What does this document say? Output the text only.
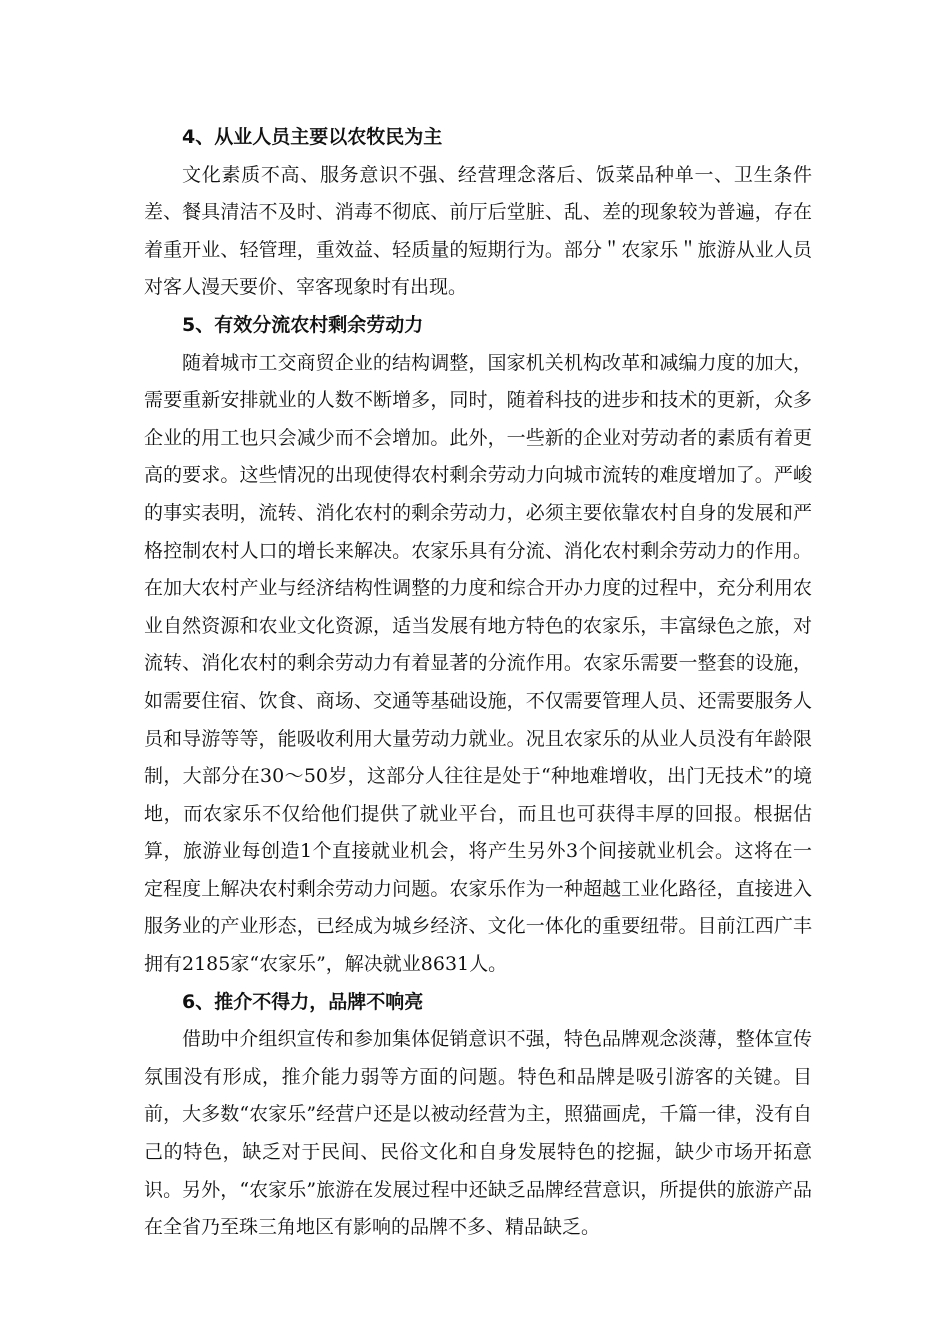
4、从业人员主要以农牧民为主

文化素质不高、服务意识不强、经营理念落后、饭菜品种单一、卫生条件差、餐具清洁不及时、消毒不彻底、前厅后堂脏、乱、差的现象较为普遍，存在着重开业、轻管理，重效益、轻质量的短期行为。部分＂农家乐＂旅游从业人员对客人漫天要价、宰客现象时有出现。

5、有效分流农村剩余劳动力

随着城市工交商贸企业的结构调整，国家机关机构改革和减编力度的加大，需要重新安排就业的人数不断增多，同时，随着科技的进步和技术的更新，众多企业的用工也只会减少而不会增加。此外，一些新的企业对劳动者的素质有着更高的要求。这些情况的出现使得农村剩余劳动力向城市流转的难度增加了。严峻的事实表明，流转、消化农村的剩余劳动力，必须主要依靠农村自身的发展和严格控制农村人口的增长来解决。农家乐具有分流、消化农村剩余劳动力的作用。在加大农村产业与经济结构性调整的力度和综合开办力度的过程中，充分利用农业自然资源和农业文化资源，适当发展有地方特色的农家乐，丰富绿色之旅，对流转、消化农村的剩余劳动力有着显著的分流作用。农家乐需要一整套的设施，如需要住宿、饮食、商场、交通等基础设施，不仅需要管理人员、还需要服务人员和导游等等，能吸收利用大量劳动力就业。况且农家乐的从业人员没有年龄限制，大部分在30～50岁，这部分人往往是处于“种地难增收，出门无技术”的境地，而农家乐不仅给他们提供了就业平台，而且也可获得丰厚的回报。根据估算，旅游业每创造1个直接就业机会，将产生另外3个间接就业机会。这将在一定程度上解决农村剩余劳动力问题。农家乐作为一种超越工业化路径，直接进入服务业的产业形态，已经成为城乡经济、文化一体化的重要纽带。目前江西广丰拥有2185家“农家乐”，解决就业8631人。

6、推介不得力，品牌不响亮

借助中介组织宣传和参加集体促销意识不强，特色品牌观念淡薄，整体宣传氛围没有形成，推介能力弱等方面的问题。特色和品牌是吸引游客的关键。目前，大多数“农家乐”经营户还是以被动经营为主，照猫画虎，千篇一律，没有自己的特色，缺乏对于民间、民俗文化和自身发展特色的挖掘，缺少市场开拓意识。另外，“农家乐”旅游在发展过程中还缺乏品牌经营意识，所提供的旅游产品在全省乃至珠三角地区有影响的品牌不多、精品缺乏。
